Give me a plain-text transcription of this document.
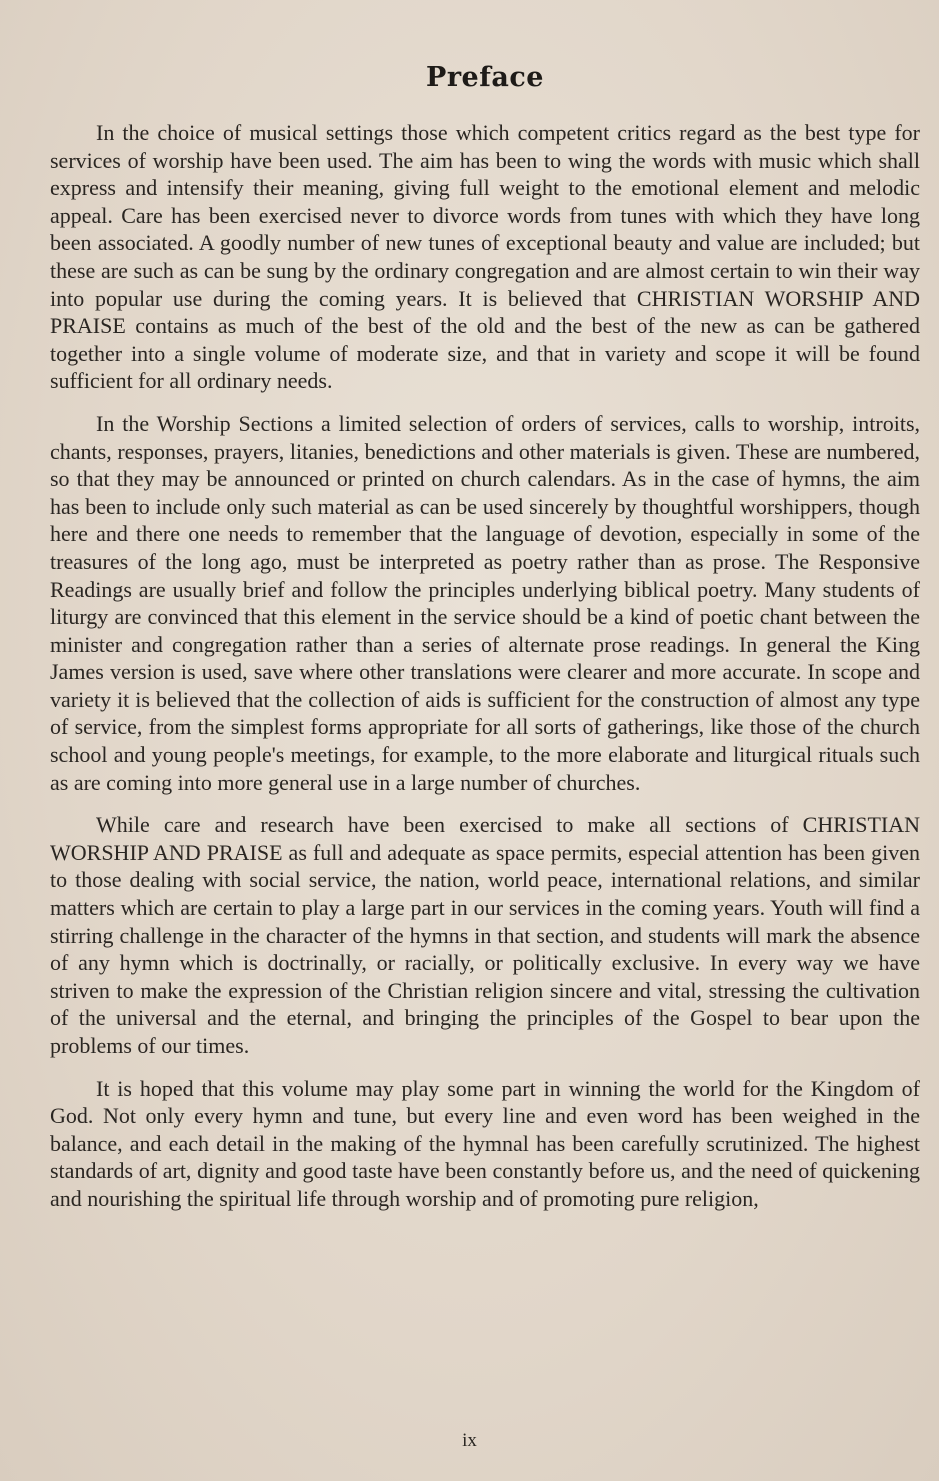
Preface

In the choice of musical settings those which competent critics regard as the best type for services of worship have been used. The aim has been to wing the words with music which shall express and intensify their meaning, giving full weight to the emotional element and melodic appeal. Care has been exercised never to divorce words from tunes with which they have long been associated. A goodly number of new tunes of exceptional beauty and value are included; but these are such as can be sung by the ordinary congregation and are almost certain to win their way into popular use during the coming years. It is believed that CHRISTIAN WORSHIP AND PRAISE contains as much of the best of the old and the best of the new as can be gathered together into a single volume of moderate size, and that in variety and scope it will be found sufficient for all ordinary needs.

In the Worship Sections a limited selection of orders of services, calls to worship, introits, chants, responses, prayers, litanies, benedictions and other materials is given. These are numbered, so that they may be announced or printed on church calendars. As in the case of hymns, the aim has been to include only such material as can be used sincerely by thoughtful worshippers, though here and there one needs to remember that the language of devotion, especially in some of the treasures of the long ago, must be interpreted as poetry rather than as prose. The Responsive Readings are usually brief and follow the principles underlying biblical poetry. Many students of liturgy are convinced that this element in the service should be a kind of poetic chant between the minister and congregation rather than a series of alternate prose readings. In general the King James version is used, save where other translations were clearer and more accurate. In scope and variety it is believed that the collection of aids is sufficient for the construction of almost any type of service, from the simplest forms appropriate for all sorts of gatherings, like those of the church school and young people's meetings, for example, to the more elaborate and liturgical rituals such as are coming into more general use in a large number of churches.

While care and research have been exercised to make all sections of CHRISTIAN WORSHIP AND PRAISE as full and adequate as space permits, especial attention has been given to those dealing with social service, the nation, world peace, international relations, and similar matters which are certain to play a large part in our services in the coming years. Youth will find a stirring challenge in the character of the hymns in that section, and students will mark the absence of any hymn which is doctrinally, or racially, or politically exclusive. In every way we have striven to make the expression of the Christian religion sincere and vital, stressing the cultivation of the universal and the eternal, and bringing the principles of the Gospel to bear upon the problems of our times.

It is hoped that this volume may play some part in winning the world for the Kingdom of God. Not only every hymn and tune, but every line and even word has been weighed in the balance, and each detail in the making of the hymnal has been carefully scrutinized. The highest standards of art, dignity and good taste have been constantly before us, and the need of quickening and nourishing the spiritual life through worship and of promoting pure religion,

ix
